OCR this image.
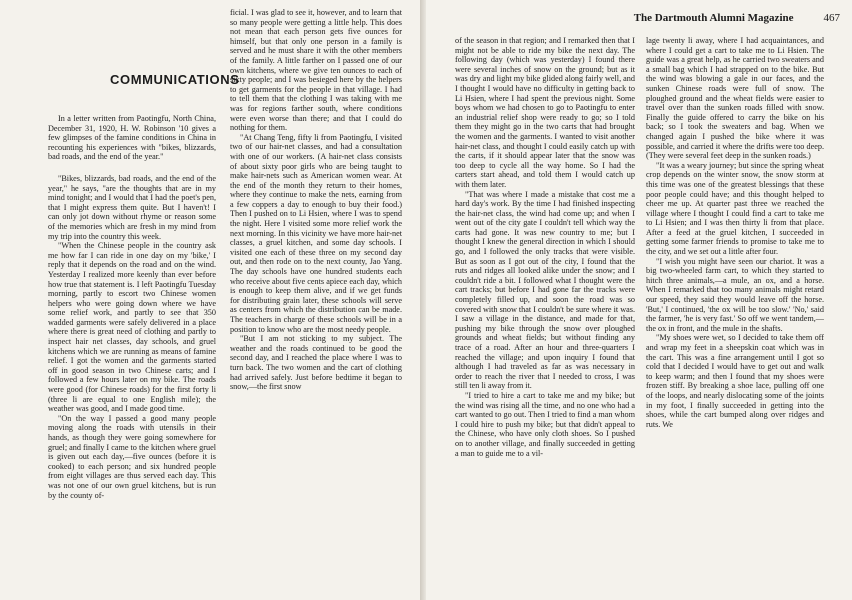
COMMUNICATIONS

In a letter written from Paotingfu, North China, December 31, 1920, H. W. Robinson '10 gives a few glimpses of the famine conditions in China in recounting his experiences with "bikes, blizzards, bad roads, and the end of the year."

"Bikes, blizzards, bad roads, and the end of the year," he says, "are the thoughts that are in my mind tonight; and I would that I had the poet's pen, that I might express them quite. But I haven't! I can only jot down without rhyme or reason some of the memories which are fresh in my mind from my trip into the country this week.

"When the Chinese people in the country ask me how far I can ride in one day on my 'bike,' I reply that it depends on the road and on the wind. Yesterday I realized more keenly than ever before how true that statement is. I left Paotingfu Tuesday morning, partly to escort two Chinese women helpers who were going down where we have some relief work, and partly to see that 350 wadded garments were safely delivered in a place where there is great need of clothing and partly to inspect hair net classes, day schools, and gruel kitchens which we are running as means of famine relief. I got the women and the garments started off in good season in two Chinese carts; and I followed a few hours later on my bike. The roads were good (for Chinese roads) for the first forty li (three li are equal to one English mile); the weather was good, and I made good time.

"On the way I passed a good many people moving along the roads with utensils in their hands, as though they were going somewhere for gruel; and finally I came to the kitchen where gruel is given out each day,—five ounces (before it is cooked) to each person; and six hundred people from eight villages are thus served each day. This was not one of our own gruel kitchens, but is run by the county of-

ficial. I was glad to see it, however, and to learn that so many people were getting a little help. This does not mean that each person gets five ounces for himself, but that only one person in a family is served and he must share it with the other members of the family. A little farther on I passed one of our own kitchens, where we give ten ounces to each of sixty people; and I was besieged here by the helpers to get garments for the people in that village. I had to tell them that the clothing I was taking with me was for regions farther south, where conditions were even worse than there; and that I could do nothing for them.

"At Chang Teng, fifty li from Paotingfu, I visited two of our hair-net classes, and had a consultation with one of our workers. (A hair-net class consists of about sixty poor girls who are being taught to make hair-nets such as American women wear. At the end of the month they return to their homes, where they continue to make the nets, earning from a few coppers a day to enough to buy their food.) Then I pushed on to Li Hsien, where I was to spend the night. Here I visited some more relief work the next morning. In this vicinity we have more hair-net classes, a gruel kitchen, and some day schools. I visited one each of these three on my second day out, and then rode on to the next county, Jao Yang. The day schools have one hundred students each who receive about five cents apiece each day, which is enough to keep them alive, and if we get funds for distributing grain later, these schools will serve as centers from which the distribution can be made. The teachers in charge of these schools will be in a position to know who are the most needy people.

"But I am not sticking to my subject. The weather and the roads continued to be good the second day, and I reached the place where I was to turn back. The two women and the cart of clothing had arrived safely. Just before bedtime it began to snow,—the first snow

The Dartmouth Alumni Magazine	467

of the season in that region; and I remarked then that I might not be able to ride my bike the next day. The following day (which was yesterday) I found there were several inches of snow on the ground; but as it was dry and light my bike glided along fairly well, and I thought I would have no difficulty in getting back to Li Hsien, where I had spent the previous night. Some boys whom we had chosen to go to Paotingfu to enter an industrial relief shop were ready to go; so I told them they might go in the two carts that had brought the women and the garments. I wanted to visit another hair-net class, and thought I could easily catch up with the carts, if it should appear later that the snow was too deep to cycle all the way home. So I had the carters start ahead, and told them I would catch up with them later.

"That was where I made a mistake that cost me a hard day's work. By the time I had finished inspecting the hair-net class, the wind had come up; and when I went out of the city gate I couldn't tell which way the carts had gone. It was new country to me; but I thought I knew the general direction in which I should go, and I followed the only tracks that were visible. But as soon as I got out of the city, I found that the ruts and ridges all looked alike under the snow; and I couldn't ride a bit. I followed what I thought were the cart tracks; but before I had gone far the tracks were completely filled up, and soon the road was so covered with snow that I couldn't be sure where it was. I saw a village in the distance, and made for that, pushing my bike through the snow over ploughed grounds and wheat fields; but without finding any trace of a road. After an hour and three-quarters I reached the village; and upon inquiry I found that although I had traveled as far as was necessary in order to reach the river that I needed to cross, I was still ten li away from it.

"I tried to hire a cart to take me and my bike; but the wind was rising all the time, and no one who had a cart wanted to go out. Then I tried to find a man whom I could hire to push my bike; but that didn't appeal to the Chinese, who have only cloth shoes. So I pushed on to another village, and finally succeeded in getting a man to guide me to a vil-

lage twenty li away, where I had acquaintances, and where I could get a cart to take me to Li Hsien. The guide was a great help, as he carried two sweaters and a small bag which I had strapped on to the bike. But the wind was blowing a gale in our faces, and the sunken Chinese roads were full of snow. The ploughed ground and the wheat fields were easier to travel over than the sunken roads filled with snow. Finally the guide offered to carry the bike on his back; so I took the sweaters and bag. When we changed again I pushed the bike where it was possible, and carried it where the drifts were too deep. (They were several feet deep in the sunken roads.)

"It was a weary journey; but since the spring wheat crop depends on the winter snow, the snow storm at this time was one of the greatest blessings that these poor people could have; and this thought helped to cheer me up. At quarter past three we reached the village where I thought I could find a cart to take me to Li Hsien; and I was then thirty li from that place. After a feed at the gruel kitchen, I succeeded in getting some farmer friends to promise to take me to the city, and we set out a little after four.

"I wish you might have seen our chariot. It was a big two-wheeled farm cart, to which they started to hitch three animals,—a mule, an ox, and a horse. When I remarked that too many animals might retard our speed, they said they would leave off the horse. 'But,' I continued, 'the ox will be too slow.' 'No,' said the farmer, 'he is very fast.' So off we went tandem,—the ox in front, and the mule in the shafts.

"My shoes were wet, so I decided to take them off and wrap my feet in a sheepskin coat which was in the cart. This was a fine arrangement until I got so cold that I decided I would have to get out and walk to keep warm; and then I found that my shoes were frozen stiff. By breaking a shoe lace, pulling off one of the loops, and nearly dislocating some of the joints in my foot, I finally succeeded in getting into the shoes, while the cart bumped along over ridges and ruts. We
